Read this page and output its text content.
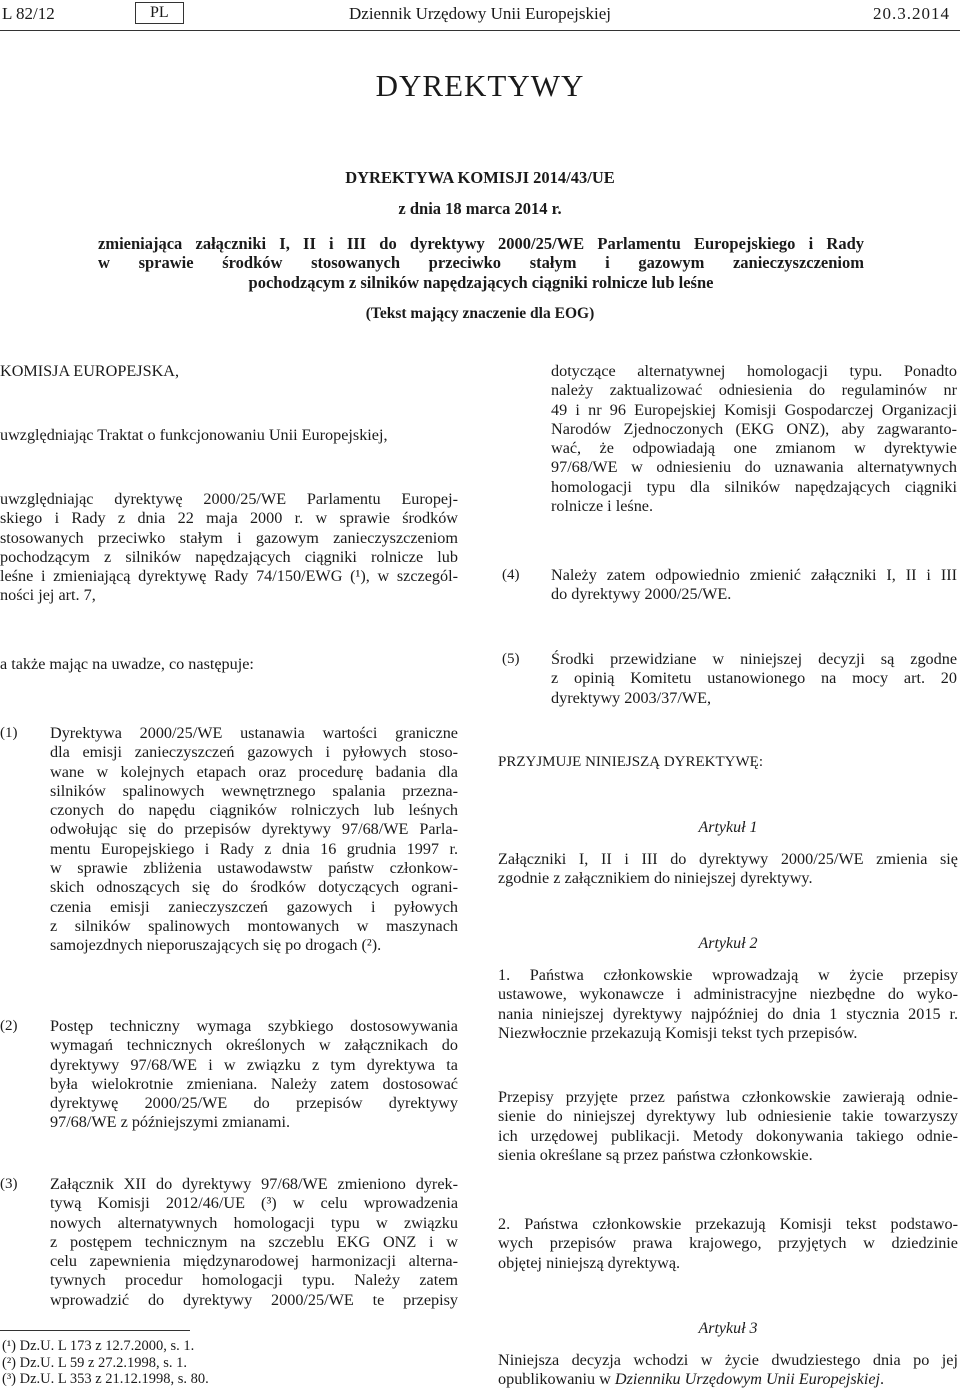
L 82/12	PL	Dziennik Urzędowy Unii Europejskiej	20.3.2014
DYREKTYWY
DYREKTYWA KOMISJI 2014/43/UE
z dnia 18 marca 2014 r.
zmieniająca załączniki I, II i III do dyrektywy 2000/25/WE Parlamentu Europejskiego i Rady
w sprawie środków stosowanych przeciwko stałym i gazowym zanieczyszczeniom
pochodzącym z silników napędzających ciągniki rolnicze lub leśne
(Tekst mający znaczenie dla EOG)
KOMISJA EUROPEJSKA,
uwzględniając Traktat o funkcjonowaniu Unii Europejskiej,
uwzględniając dyrektywę 2000/25/WE Parlamentu Europej-
skiego i Rady z dnia 22 maja 2000 r. w sprawie środków
stosowanych przeciwko stałym i gazowym zanieczyszczeniom
pochodzącym z silników napędzających ciągniki rolnicze lub
leśne i zmieniającą dyrektywę Rady 74/150/EWG (¹), w szczegól-
ności jej art. 7,
a także mając na uwadze, co następuje:
(1)	Dyrektywa 2000/25/WE ustanawia wartości graniczne
dla emisji zanieczyszczeń gazowych i pyłowych stoso-
wane w kolejnych etapach oraz procedurę badania dla
silników spalinowych wewnętrznego spalania przezna-
czonych do napędu ciągników rolniczych lub leśnych
odwołując się do przepisów dyrektywy 97/68/WE Parla-
mentu Europejskiego i Rady z dnia 16 grudnia 1997 r.
w sprawie zbliżenia ustawodawstw państw członkow-
skich odnoszących się do środków dotyczących ograni-
czenia emisji zanieczyszczeń gazowych i pyłowych
z silników spalinowych montowanych w maszynach
samojezdnych nieporuszających się po drogach (²).
(2)	Postęp techniczny wymaga szybkiego dostosowywania
wymagań technicznych określonych w załącznikach do
dyrektywy 97/68/WE i w związku z tym dyrektywa ta
była wielokrotnie zmieniana. Należy zatem dostosować
dyrektywę 2000/25/WE do przepisów dyrektywy
97/68/WE z późniejszymi zmianami.
(3)	Załącznik XII do dyrektywy 97/68/WE zmieniono dyrek-
tywą Komisji 2012/46/UE (³) w celu wprowadzenia
nowych alternatywnych homologacji typu w związku
z postępem technicznym na szczeblu EKG ONZ i w
celu zapewnienia międzynarodowej harmonizacji alterna-
tywnych procedur homologacji typu. Należy zatem
wprowadzić do dyrektywy 2000/25/WE te przepisy
(¹) Dz.U. L 173 z 12.7.2000, s. 1.
(²) Dz.U. L 59 z 27.2.1998, s. 1.
(³) Dz.U. L 353 z 21.12.1998, s. 80.
dotyczące alternatywnej homologacji typu. Ponadto
należy zaktualizować odniesienia do regulaminów nr
49 i nr 96 Europejskiej Komisji Gospodarczej Organizacji
Narodów Zjednoczonych (EKG ONZ), aby zagwaranto-
wać, że odpowiadają one zmianom w dyrektywie
97/68/WE w odniesieniu do uznawania alternatywnych
homologacji typu dla silników napędzających ciągniki
rolnicze i leśne.
(4)	Należy zatem odpowiednio zmienić załączniki I, II i III
do dyrektywy 2000/25/WE.
(5)	Środki przewidziane w niniejszej decyzji są zgodne
z opinią Komitetu ustanowionego na mocy art. 20
dyrektywy 2003/37/WE,
PRZYJMUJE NINIEJSZĄ DYREKTYWĘ:
Artykuł 1
Załączniki I, II i III do dyrektywy 2000/25/WE zmienia się
zgodnie z załącznikiem do niniejszej dyrektywy.
Artykuł 2
1. Państwa członkowskie wprowadzają w życie przepisy
ustawowe, wykonawcze i administracyjne niezbędne do wyko-
nania niniejszej dyrektywy najpóźniej do dnia 1 stycznia 2015 r.
Niezwłocznie przekazują Komisji tekst tych przepisów.
Przepisy przyjęte przez państwa członkowskie zawierają odnie-
sienie do niniejszej dyrektywy lub odniesienie takie towarzyszy
ich urzędowej publikacji. Metody dokonywania takiego odnie-
sienia określane są przez państwa członkowskie.
2. Państwa członkowskie przekazują Komisji tekst podstawo-
wych przepisów prawa krajowego, przyjętych w dziedzinie
objętej niniejszą dyrektywą.
Artykuł 3
Niniejsza decyzja wchodzi w życie dwudziestego dnia po jej
opublikowaniu w Dzienniku Urzędowym Unii Europejskiej.
